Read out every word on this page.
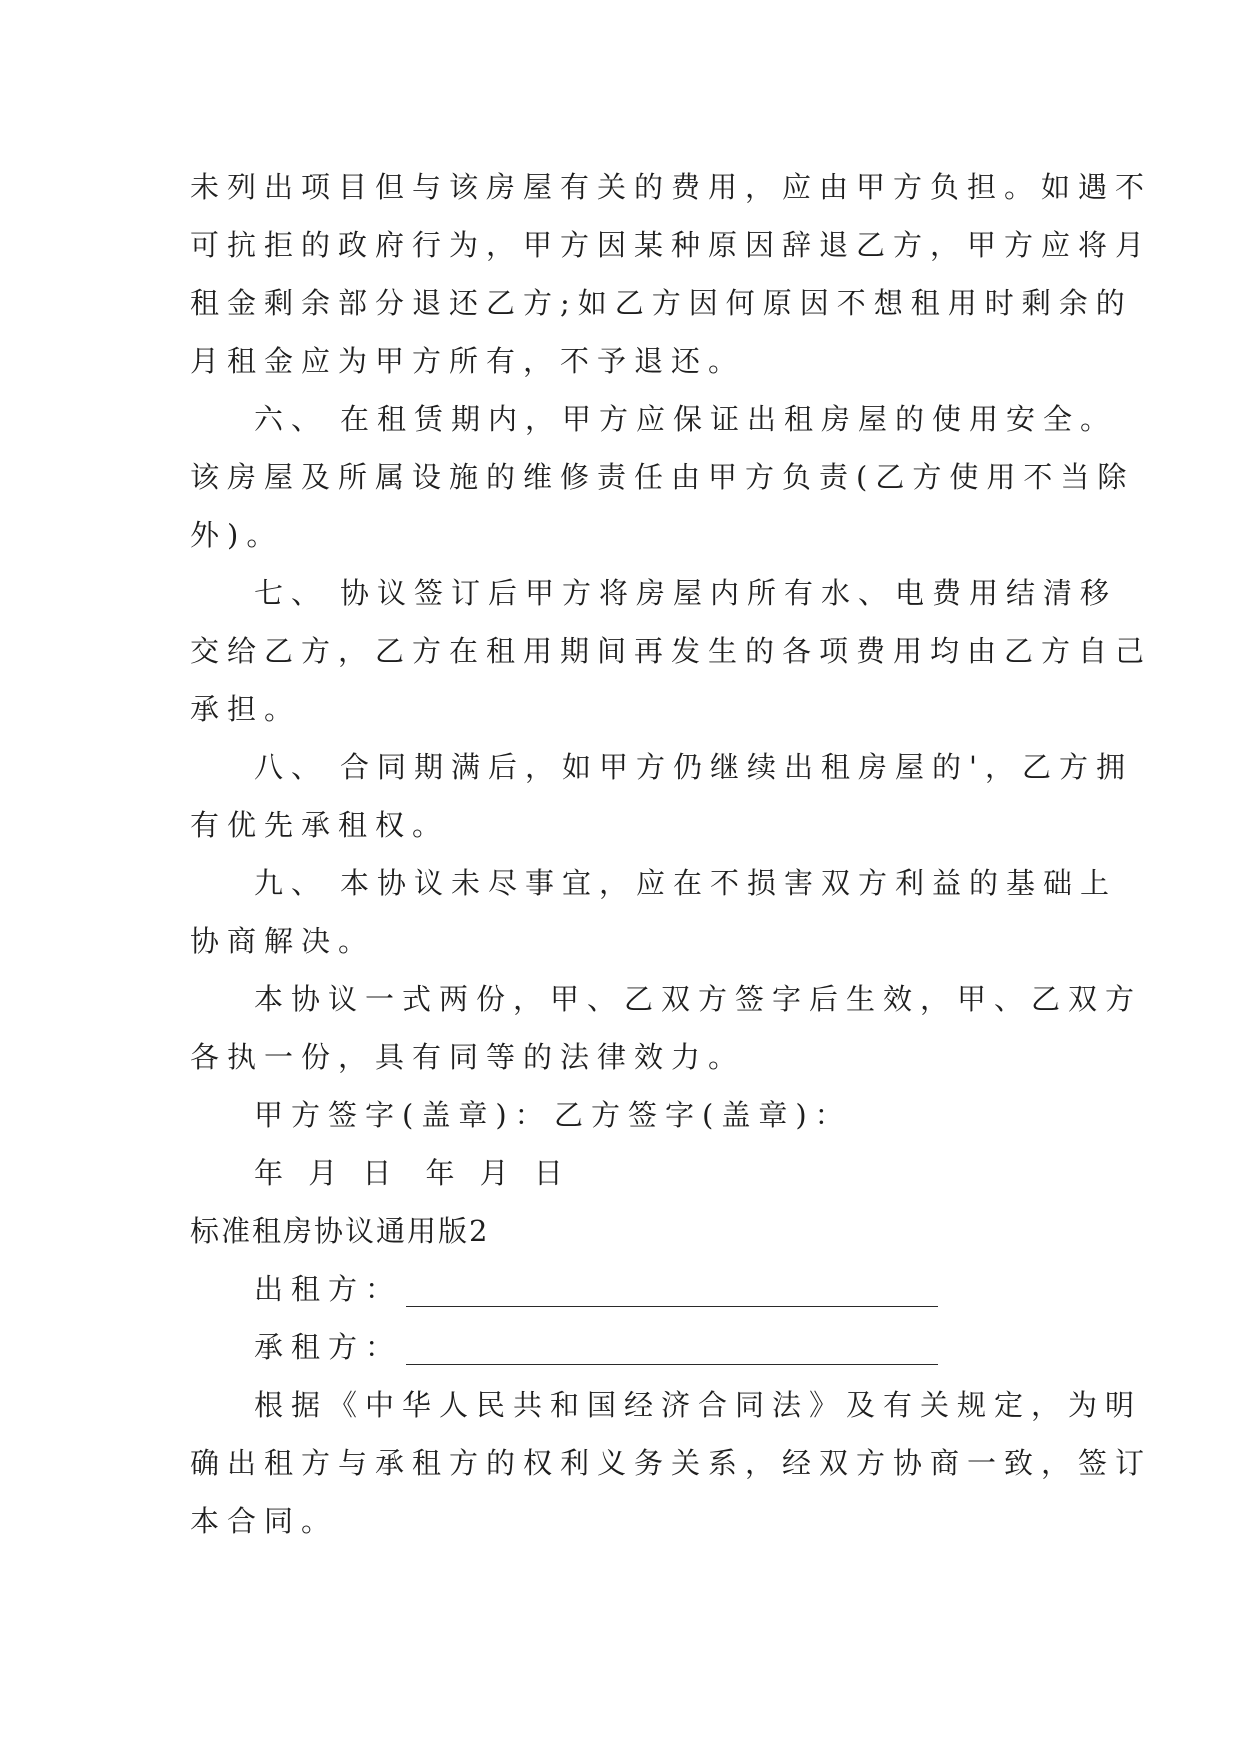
未列出项目但与该房屋有关的费用，应由甲方负担。如遇不
可抗拒的政府行为，甲方因某种原因辞退乙方，甲方应将月
租金剩余部分退还乙方;如乙方因何原因不想租用时剩余的
月租金应为甲方所有，不予退还。
六、 在租赁期内，甲方应保证出租房屋的使用安全。
该房屋及所属设施的维修责任由甲方负责(乙方使用不当除
外)。
七、 协议签订后甲方将房屋内所有水、电费用结清移
交给乙方，乙方在租用期间再发生的各项费用均由乙方自己
承担。
八、 合同期满后，如甲方仍继续出租房屋的'，乙方拥
有优先承租权。
九、 本协议未尽事宜，应在不损害双方利益的基础上
协商解决。
本协议一式两份，甲、乙双方签字后生效，甲、乙双方
各执一份，具有同等的法律效力。
甲方签字(盖章)：乙方签字(盖章)：
年 月 日 年 月 日
标准租房协议通用版2
出租方：
承租方：
根据《中华人民共和国经济合同法》及有关规定，为明
确出租方与承租方的权利义务关系，经双方协商一致，签订
本合同。
